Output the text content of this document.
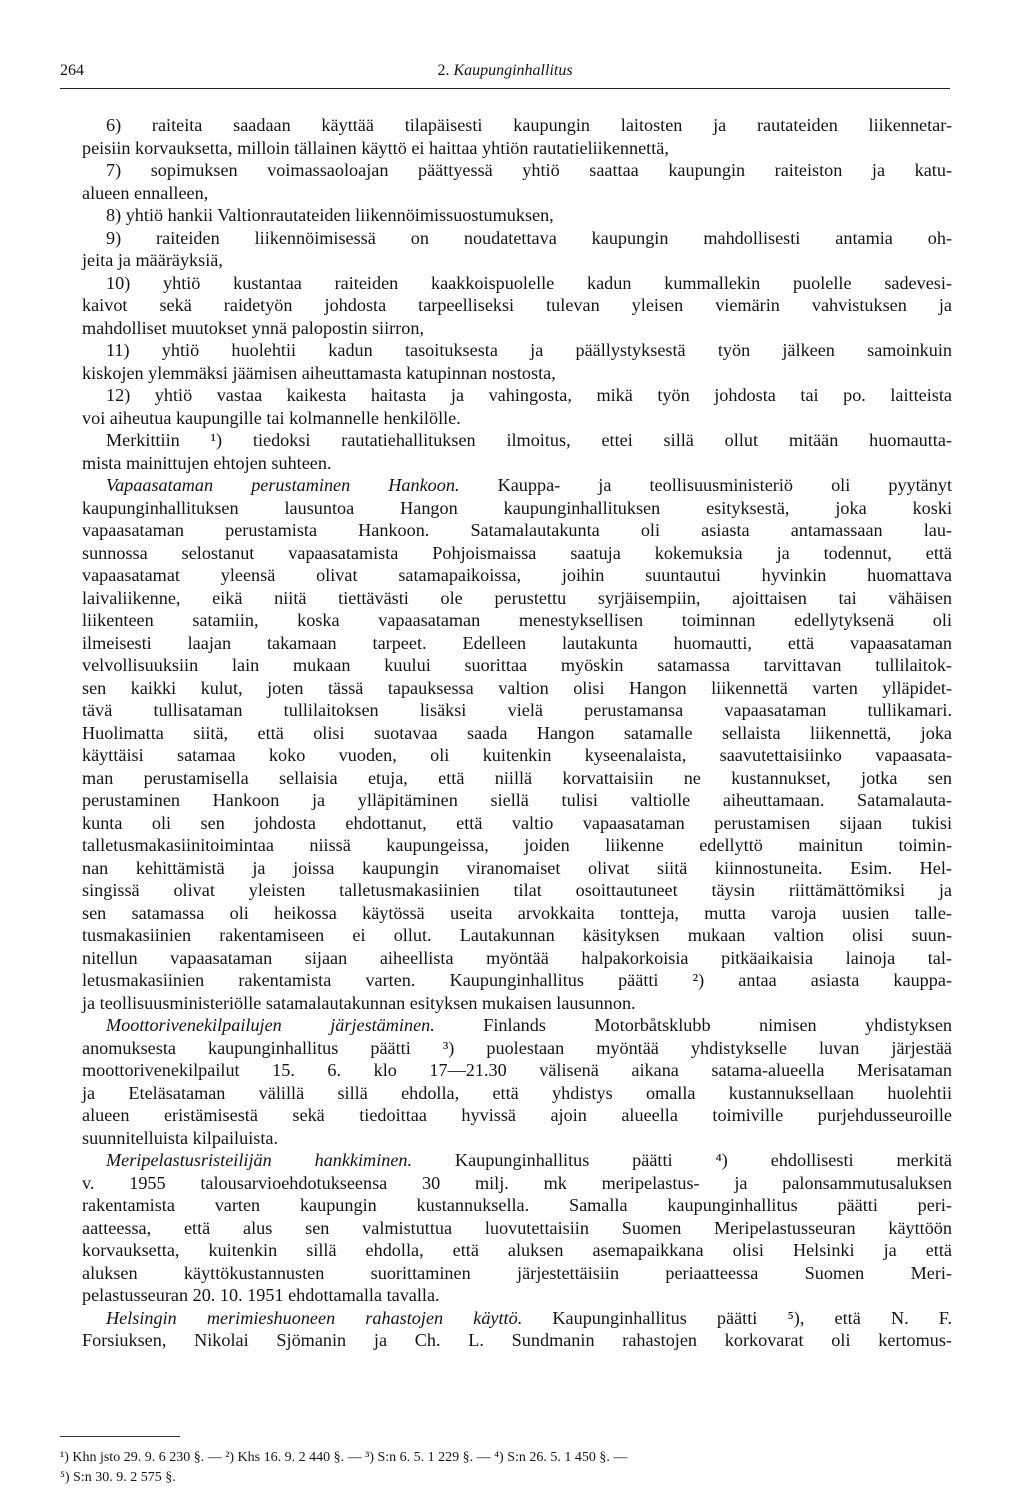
264	2. Kaupunginhallitus
6) raiteita saadaan käyttää tilapäisesti kaupungin laitosten ja rautateiden liikennetar-
peisiin korvauksetta, milloin tällainen käyttö ei haittaa yhtiön rautatieliikennettä,
7) sopimuksen voimassaoloajan päättyessä yhtiö saattaa kaupungin raiteiston ja katu-
alueen ennalleen,
8) yhtiö hankii Valtionrautateiden liikennöimissuostumuksen,
9) raiteiden liikennöimisessä on noudatettava kaupungin mahdollisesti antamia oh-
jeita ja määräyksiä,
10) yhtiö kustantaa raiteiden kaakkoispuolelle kadun kummallekin puolelle sadevesi-
kaivot sekä raidetyön johdosta tarpeelliseksi tulevan yleisen viemärin vahvistuksen ja
mahdolliset muutokset ynnä palopostin siirron,
11) yhtiö huolehtii kadun tasoituksesta ja päällystyksestä työn jälkeen samoinkuin
kiskojen ylemmäksi jäämisen aiheuttamasta katupinnan nostosta,
12) yhtiö vastaa kaikesta haitasta ja vahingosta, mikä työn johdosta tai po. laitteista
voi aiheutua kaupungille tai kolmannelle henkilölle.
Merkittiin ¹) tiedoksi rautatiehallituksen ilmoitus, ettei sillä ollut mitään huomautta-
mista mainittujen ehtojen suhteen.
Vapaasataman perustaminen Hankoon. Kauppa- ja teollisuusministeriö oli pyytänyt
kaupunginhallituksen lausuntoa Hangon kaupunginhallituksen esityksestä, joka koski
vapaasataman perustamista Hankoon. Satamalautakunta oli asiasta antamassaan lau-
sunnossa selostanut vapaasatamista Pohjoismaissa saatuja kokemuksia ja todennut, että
vapaasatamat yleensä olivat satamapaikoissa, joihin suuntautui hyvinkin huomattava
laivaliikenne, eikä niitä tiettävästi ole perustettu syrjäisempiin, ajoittaisen tai vähäisen
liikenteen satamiin, koska vapaasataman menestyksellisen toiminnan edellytyksenä oli
ilmeisesti laajan takamaan tarpeet. Edelleen lautakunta huomautti, että vapaasataman
velvollisuuksiin lain mukaan kuului suorittaa myöskin satamassa tarvittavan tullilaitok-
sen kaikki kulut, joten tässä tapauksessa valtion olisi Hangon liikennettä varten ylläpidet-
tävä tullisataman tullilaitoksen lisäksi vielä perustamansa vapaasataman tullikamari.
Huolimatta siitä, että olisi suotavaa saada Hangon satamalle sellaista liikennettä, joka
käyttäisi satamaa koko vuoden, oli kuitenkin kyseenalaista, saavutettaisiinko vapaasata-
man perustamisella sellaisia etuja, että niillä korvattaisiin ne kustannukset, jotka sen
perustaminen Hankoon ja ylläpitäminen siellä tulisi valtiolle aiheuttamaan. Satamalauta-
kunta oli sen johdosta ehdottanut, että valtio vapaasataman perustamisen sijaan tukisi
talletusmakasiinitoimintaa niissä kaupungeissa, joiden liikenne edellyttö mainitun toimin-
nan kehittämistä ja joissa kaupungin viranomaiset olivat siitä kiinnostuneita. Esim. Hel-
singissä olivat yleisten talletusmakasiinien tilat osoittautuneet täysin riittämättömiksi ja
sen satamassa oli heikossa käytössä useita arvokkaita tontteja, mutta varoja uusien talle-
tusmakasiinien rakentamiseen ei ollut. Lautakunnan käsityksen mukaan valtion olisi suun-
nitellun vapaasataman sijaan aiheellista myöntää halpakorkoisia pitkäaikaisia lainoja tal-
letusmakasiinien rakentamista varten. Kaupunginhallitus päätti ²) antaa asiasta kauppa-
ja teollisuusministeriölle satamalautakunnan esityksen mukaisen lausunnon.
Moottorivenekilpailujen järjestäminen. Finlands Motorbåtsklubb nimisen yhdistyksen
anomuksesta kaupunginhallitus päätti ³) puolestaan myöntää yhdistykselle luvan järjestää
moottorivenekilpailut 15. 6. klo 17—21.30 välisenä aikana satama-alueella Merisataman
ja Eteläsataman välillä sillä ehdolla, että yhdistys omalla kustannuksellaan huolehtii
alueen eristämisestä sekä tiedoittaa hyvissä ajoin alueella toimiville purjehdusseuroille
suunnitelluista kilpailuista.
Meripelastusristeilijän hankkiminen. Kaupunginhallitus päätti ⁴) ehdollisesti merkitä
v. 1955 talousarvioehdotukseensa 30 milj. mk meripelastus- ja palonsammutusaluksen
rakentamista varten kaupungin kustannuksella. Samalla kaupunginhallitus päätti peri-
aatteessa, että alus sen valmistuttua luovutettaisiin Suomen Meripelastusseuran käyttöön
korvauksetta, kuitenkin sillä ehdolla, että aluksen asemapaikkana olisi Helsinki ja että
aluksen käyttökustannusten suorittaminen järjestettäisiin periaatteessa Suomen Meri-
pelastusseuran 20. 10. 1951 ehdottamalla tavalla.
Helsingin merimieshuoneen rahastojen käyttö. Kaupunginhallitus päätti ⁵), että N. F.
Forsiuksen, Nikolai Sjömanin ja Ch. L. Sundmanin rahastojen korkovarat oli kertomus-
¹) Khn jsto 29. 9. 6 230 §. — ²) Khs 16. 9. 2 440 §. — ³) S:n 6. 5. 1 229 §. — ⁴) S:n 26. 5. 1 450 §. —
⁵) S:n 30. 9. 2 575 §.
